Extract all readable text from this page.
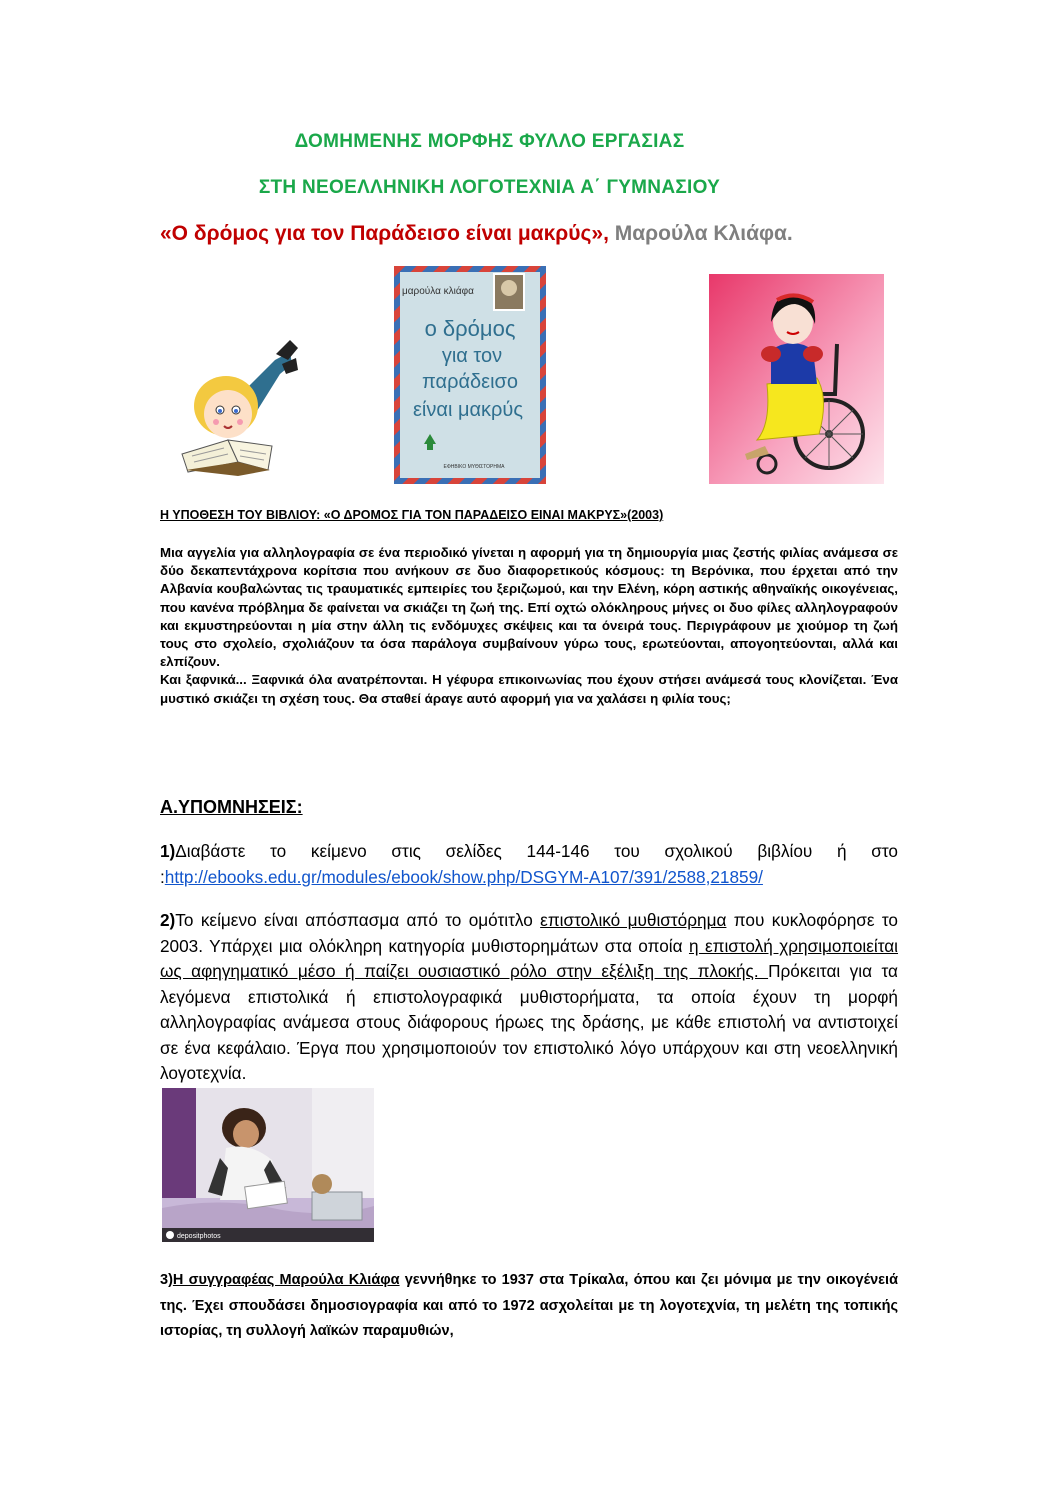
ΔΟΜΗΜΕΝΗΣ ΜΟΡΦΗΣ ΦΥΛΛΟ ΕΡΓΑΣΙΑΣ
ΣΤΗ ΝΕΟΕΛΛΗΝΙΚΗ ΛΟΓΟΤΕΧΝΙΑ Α΄ ΓΥΜΝΑΣΙΟΥ
«Ο δρόμος για τον Παράδεισο είναι μακρύς», Μαρούλα Κλιάφα.
μαρούλα κλιάφα
ο δρόμος
για τον
παράδεισο
είναι μακρύς
ΕΦΗΒΙΚΟ ΜΥΘΙΣΤΟΡΗΜΑ
Η ΥΠΟΘΕΣΗ ΤΟΥ ΒΙΒΛΙΟΥ: «Ο ΔΡΟΜΟΣ ΓΙΑ ΤΟΝ ΠΑΡΑΔΕΙΣΟ ΕΙΝΑΙ ΜΑΚΡΥΣ»(2003)
Μια αγγελία για αλληλογραφία σε ένα περιοδικό γίνεται η αφορμή για τη δημιουργία μιας ζεστής φιλίας ανάμεσα σε δύο δεκαπεντάχρονα κορίτσια που ανήκουν σε δυο διαφορετικούς κόσμους: τη Βερόνικα, που έρχεται από την Αλβανία κουβαλώντας τις τραυματικές εμπειρίες του ξεριζωμού, και την Ελένη, κόρη αστικής αθηναϊκής οικογένειας, που κανένα πρόβλημα δε φαίνεται να σκιάζει τη ζωή της. Επί οχτώ ολόκληρους μήνες οι δυο φίλες αλληλογραφούν και εκμυστηρεύονται η μία στην άλλη τις ενδόμυχες σκέψεις και τα όνειρά τους. Περιγράφουν με χιούμορ τη ζωή τους στο σχολείο, σχολιάζουν τα όσα παράλογα συμβαίνουν γύρω τους, ερωτεύονται, απογοητεύονται, αλλά και ελπίζουν.
Και ξαφνικά... Ξαφνικά όλα ανατρέπονται. Η γέφυρα επικοινωνίας που έχουν στήσει ανάμεσά τους κλονίζεται. Ένα μυστικό σκιάζει τη σχέση τους. Θα σταθεί άραγε αυτό αφορμή για να χαλάσει η φιλία τους;
Α.ΥΠΟΜΝΗΣΕΙΣ:
1)Διαβάστε το κείμενο στις σελίδες 144-146 του σχολικού βιβλίου ή στο :http://ebooks.edu.gr/modules/ebook/show.php/DSGYM-A107/391/2588,21859/
2)Το κείμενο είναι απόσπασμα από το ομότιτλο επιστολικό μυθιστόρημα που κυκλοφόρησε το 2003. Υπάρχει μια ολόκληρη κατηγορία μυθιστορημάτων στα οποία η επιστολή χρησιμοποιείται ως αφηγηματικό μέσο ή παίζει ουσιαστικό ρόλο στην εξέλιξη της πλοκής. Πρόκειται για τα λεγόμενα επιστολικά ή επιστολογραφικά μυθιστορήματα, τα οποία έχουν τη μορφή αλληλογραφίας ανάμεσα στους διάφορους ήρωες της δράσης, με κάθε επιστολή να αντιστοιχεί σε ένα κεφάλαιο. Έργα που χρησιμοποιούν τον επιστολικό λόγο υπάρχουν και στη νεοελληνική λογοτεχνία.
depositphotos
3)Η συγγραφέας Μαρούλα Κλιάφα γεννήθηκε το 1937 στα Τρίκαλα, όπου και ζει μόνιμα με την οικογένειά της. Έχει σπουδάσει δημοσιογραφία και από το 1972 ασχολείται με τη λογοτεχνία, τη μελέτη της τοπικής ιστορίας, τη συλλογή λαϊκών παραμυθιών,
